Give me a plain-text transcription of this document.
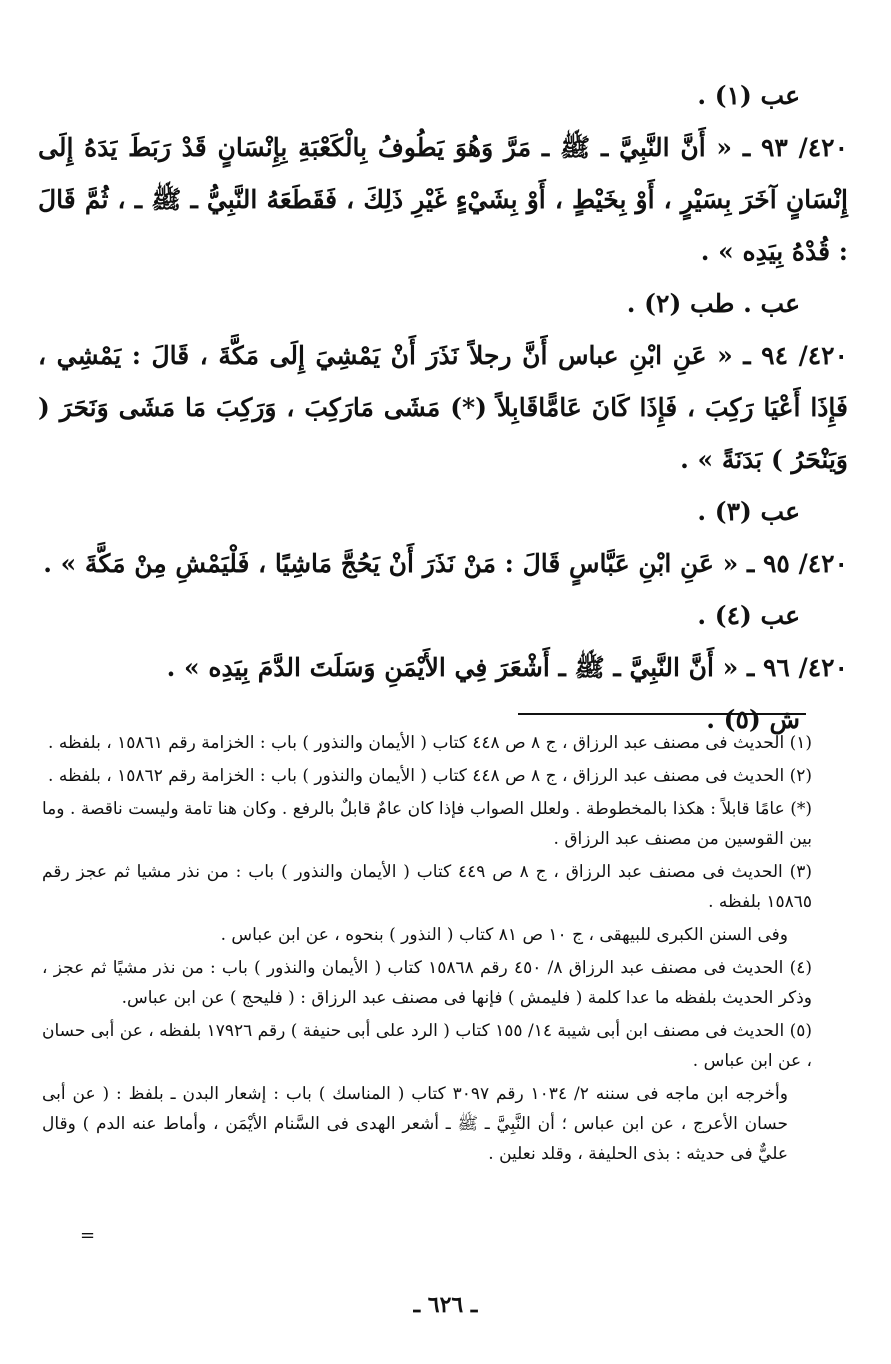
عب (١) .

٤٢٠/ ٩٣ ـ « أَنَّ النَّبِيَّ ـ ﷺ ـ مَرَّ وَهُوَ يَطُوفُ بِالْكَعْبَةِ بِإِنْسَانٍ قَدْ رَبَطَ يَدَهُ إِلَى إِنْسَانٍ آخَرَ بِسَيْرٍ ، أَوْ بِخَيْطٍ ، أَوْ بِشَيْءٍ غَيْرِ ذَلِكَ ، فَقَطَعَهُ النَّبِيُّ ـ ﷺ ـ ، ثُمَّ قَالَ : قُدْهُ بِيَدِه » .

عب . طب (٢) .

٤٢٠/ ٩٤ ـ « عَنِ ابْنِ عباس أَنَّ رجلاً نَذَرَ أَنْ يَمْشِيَ إِلَى مَكَّةَ ، قَالَ : يَمْشِي ، فَإِذَا أَعْيَا رَكِبَ ، فَإِذَا كَانَ عَامًّاقَابِلاً (*) مَشَى مَارَكِبَ ، وَرَكِبَ مَا مَشَى وَنَحَرَ ( وَيَنْحَرُ ) بَدَنَةً » .

عب (٣) .

٤٢٠/ ٩٥ ـ « عَنِ ابْنِ عَبَّاسٍ قَالَ : مَنْ نَذَرَ أَنْ يَحُجَّ مَاشِيًا ، فَلْيَمْشِ مِنْ مَكَّةَ » .

عب (٤) .

٤٢٠/ ٩٦ ـ « أَنَّ النَّبِيَّ ـ ﷺ ـ أَشْعَرَ فِي الأَيْمَنِ وَسَلَتَ الدَّمَ بِيَدِه » .

ش (٥) .

(١) الحديث فى مصنف عبد الرزاق ، ج ٨ ص ٤٤٨ كتاب ( الأيمان والنذور ) باب : الخزامة رقم ١٥٨٦١ ، بلفظه .

(٢) الحديث فى مصنف عبد الرزاق ، ج ٨ ص ٤٤٨ كتاب ( الأيمان والنذور ) باب : الخزامة رقم ١٥٨٦٢ ، بلفظه .

(*) عامًا قابلاً : هكذا بالمخطوطة . ولعلل الصواب فإذا كان عامٌ قابلٌ بالرفع . وكان هنا تامة وليست ناقصة . وما بين القوسين من مصنف عبد الرزاق .

(٣) الحديث فى مصنف عبد الرزاق ، ج ٨ ص ٤٤٩ كتاب ( الأيمان والنذور ) باب : من نذر مشيا ثم عجز رقم ١٥٨٦٥ بلفظه .

وفى السنن الكبرى للبيهقى ، ج ١٠ ص ٨١ كتاب ( النذور ) بنحوه ، عن ابن عباس .

(٤) الحديث فى مصنف عبد الرزاق ٨/ ٤٥٠ رقم ١٥٨٦٨ كتاب ( الأيمان والنذور ) باب : من نذر مشيًا ثم عجز ، وذكر الحديث بلفظه ما عدا كلمة ( فليمش ) فإنها فى مصنف عبد الرزاق : ( فليحج ) عن ابن عباس.

(٥) الحديث فى مصنف ابن أبى شيبة ١٤/ ١٥٥ كتاب ( الرد على أبى حنيفة ) رقم ١٧٩٢٦ بلفظه ، عن أبى حسان ، عن ابن عباس .

وأخرجه ابن ماجه فى سننه ٢/ ١٠٣٤ رقم ٣٠٩٧ كتاب ( المناسك ) باب : إشعار البدن ـ بلفظ : ( عن أبى حسان الأعرج ، عن ابن عباس ؛ أن النَّبِيَّ ـ ﷺ ـ أشعر الهدى فى السَّنام الأيْمَن ، وأماط عنه الدم ) وقال عليٌّ فى حديثه : بذى الحليفة ، وقلد نعلين .

=
ـ ٦٢٦ ـ
